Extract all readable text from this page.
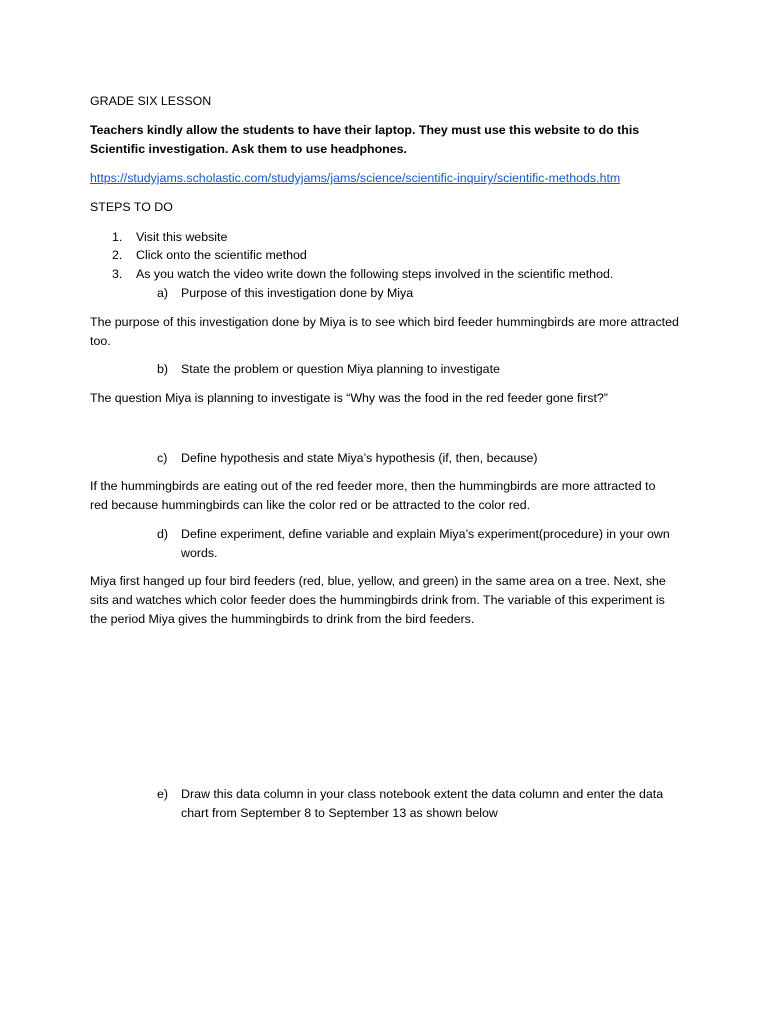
GRADE SIX LESSON

Teachers kindly allow the students to have their laptop. They must use this website to do this Scientific investigation. Ask them to use headphones.

https://studyjams.scholastic.com/studyjams/jams/science/scientific-inquiry/scientific-methods.htm

STEPS TO DO

1. Visit this website
2. Click onto the scientific method
3. As you watch the video write down the following steps involved in the scientific method.
a) Purpose of this investigation done by Miya

The purpose of this investigation done by Miya is to see which bird feeder hummingbirds are more attracted too.

b) State the problem or question Miya planning to investigate

The question Miya is planning to investigate is “Why was the food in the red feeder gone first?”

c) Define hypothesis and state Miya’s hypothesis (if, then, because)

If the hummingbirds are eating out of the red feeder more, then the hummingbirds are more attracted to red because hummingbirds can like the color red or be attracted to the color red.

d) Define experiment, define variable and explain Miya’s experiment(procedure) in your own words.

Miya first hanged up four bird feeders (red, blue, yellow, and green) in the same area on a tree. Next, she sits and watches which color feeder does the hummingbirds drink from. The variable of this experiment is the period Miya gives the hummingbirds to drink from the bird feeders.

e) Draw this data column in your class notebook extent the data column and enter the data chart from September 8 to September 13 as shown below
